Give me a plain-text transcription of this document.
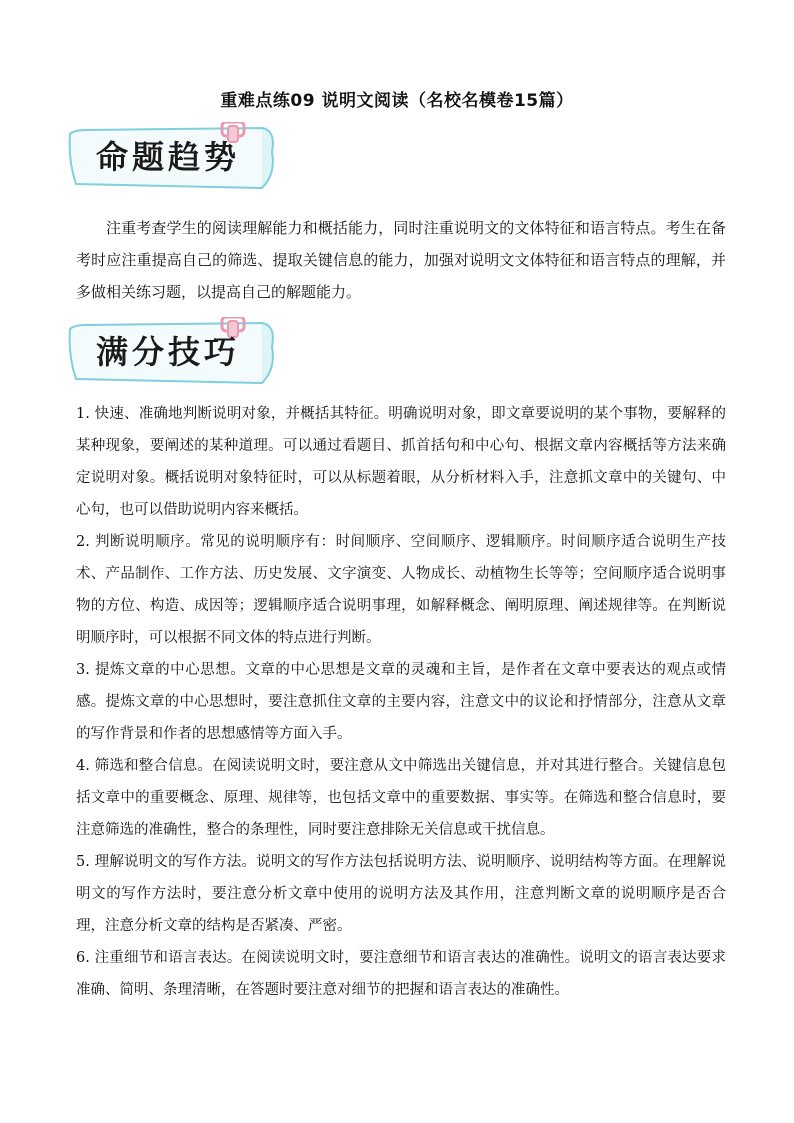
重难点练09 说明文阅读（名校名模卷15篇）
命题趋势

注重考查学生的阅读理解能力和概括能力，同时注重说明文的文体特征和语言特点。考生在备考时应注重提高自己的筛选、提取关键信息的能力，加强对说明文文体特征和语言特点的理解，并多做相关练习题，以提高自己的解题能力。

满分技巧
1. 快速、准确地判断说明对象，并概括其特征。明确说明对象，即文章要说明的某个事物，要解释的某种现象，要阐述的某种道理。可以通过看题目、抓首括句和中心句、根据文章内容概括等方法来确定说明对象。概括说明对象特征时，可以从标题着眼，从分析材料入手，注意抓文章中的关键句、中心句，也可以借助说明内容来概括。
2. 判断说明顺序。常见的说明顺序有：时间顺序、空间顺序、逻辑顺序。时间顺序适合说明生产技术、产品制作、工作方法、历史发展、文字演变、人物成长、动植物生长等等；空间顺序适合说明事物的方位、构造、成因等；逻辑顺序适合说明事理，如解释概念、阐明原理、阐述规律等。在判断说明顺序时，可以根据不同文体的特点进行判断。
3. 提炼文章的中心思想。文章的中心思想是文章的灵魂和主旨，是作者在文章中要表达的观点或情感。提炼文章的中心思想时，要注意抓住文章的主要内容，注意文中的议论和抒情部分，注意从文章的写作背景和作者的思想感情等方面入手。
4. 筛选和整合信息。在阅读说明文时，要注意从文中筛选出关键信息，并对其进行整合。关键信息包括文章中的重要概念、原理、规律等，也包括文章中的重要数据、事实等。在筛选和整合信息时，要注意筛选的准确性，整合的条理性，同时要注意排除无关信息或干扰信息。
5. 理解说明文的写作方法。说明文的写作方法包括说明方法、说明顺序、说明结构等方面。在理解说明文的写作方法时，要注意分析文章中使用的说明方法及其作用，注意判断文章的说明顺序是否合理，注意分析文章的结构是否紧凑、严密。
6. 注重细节和语言表达。在阅读说明文时，要注意细节和语言表达的准确性。说明文的语言表达要求准确、简明、条理清晰，在答题时要注意对细节的把握和语言表达的准确性。
